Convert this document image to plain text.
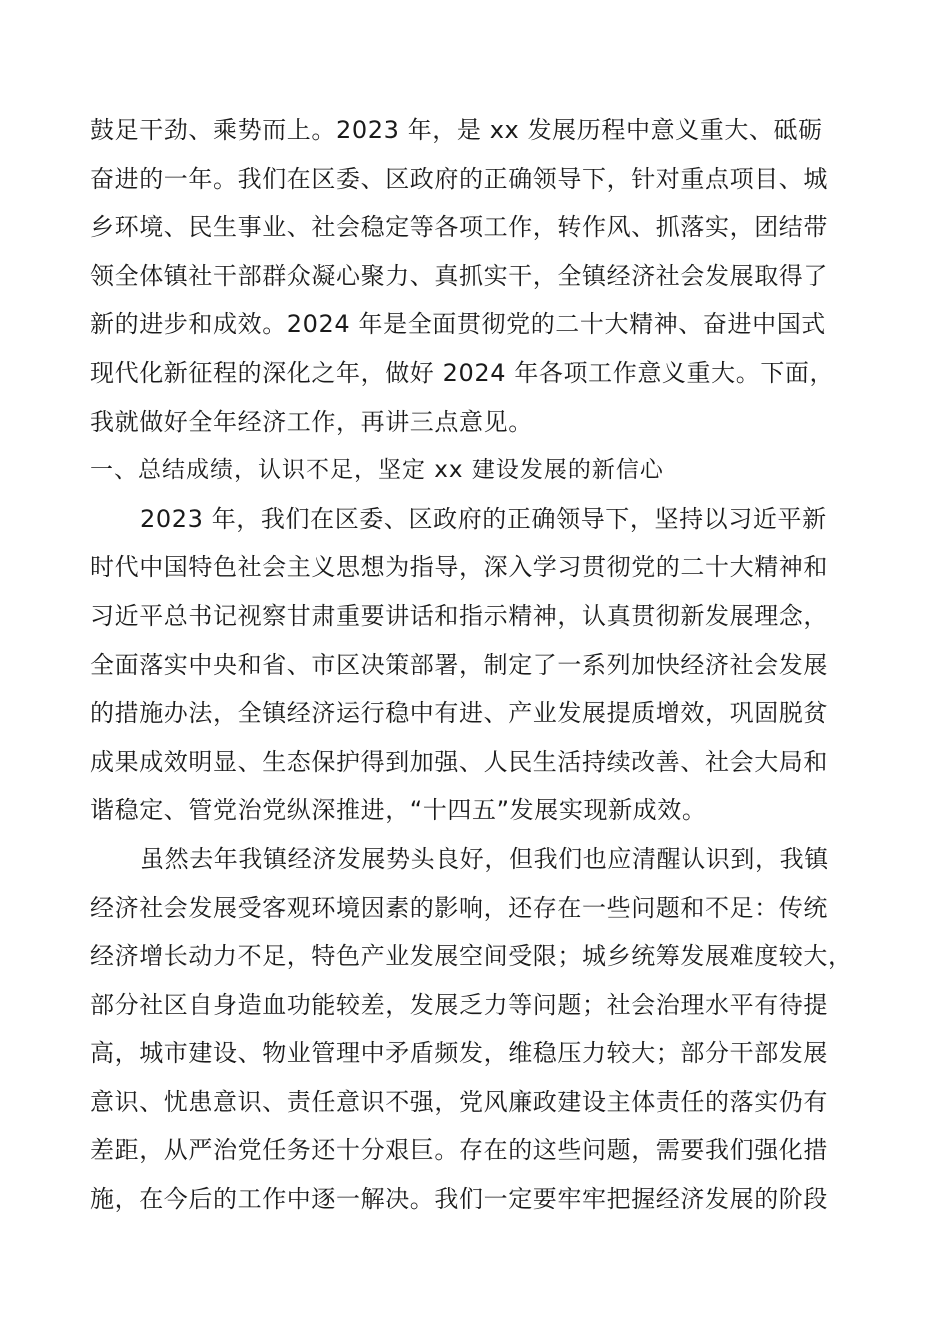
鼓足干劲、乘势而上。2023 年，是 xx 发展历程中意义重大、砥砺
奋进的一年。我们在区委、区政府的正确领导下，针对重点项目、城
乡环境、民生事业、社会稳定等各项工作，转作风、抓落实，团结带
领全体镇社干部群众凝心聚力、真抓实干，全镇经济社会发展取得了
新的进步和成效。2024 年是全面贯彻党的二十大精神、奋进中国式
现代化新征程的深化之年，做好 2024 年各项工作意义重大。下面，
我就做好全年经济工作，再讲三点意见。

一、总结成绩，认识不足，坚定 xx 建设发展的新信心

2023 年，我们在区委、区政府的正确领导下，坚持以习近平新
时代中国特色社会主义思想为指导，深入学习贯彻党的二十大精神和
习近平总书记视察甘肃重要讲话和指示精神，认真贯彻新发展理念，
全面落实中央和省、市区决策部署，制定了一系列加快经济社会发展
的措施办法，全镇经济运行稳中有进、产业发展提质增效，巩固脱贫
成果成效明显、生态保护得到加强、人民生活持续改善、社会大局和
谐稳定、管党治党纵深推进，“十四五”发展实现新成效。

虽然去年我镇经济发展势头良好，但我们也应清醒认识到，我镇
经济社会发展受客观环境因素的影响，还存在一些问题和不足：传统
经济增长动力不足，特色产业发展空间受限；城乡统筹发展难度较大，
部分社区自身造血功能较差，发展乏力等问题；社会治理水平有待提
高，城市建设、物业管理中矛盾频发，维稳压力较大；部分干部发展
意识、忧患意识、责任意识不强，党风廉政建设主体责任的落实仍有
差距，从严治党任务还十分艰巨。存在的这些问题，需要我们强化措
施，在今后的工作中逐一解决。我们一定要牢牢把握经济发展的阶段
